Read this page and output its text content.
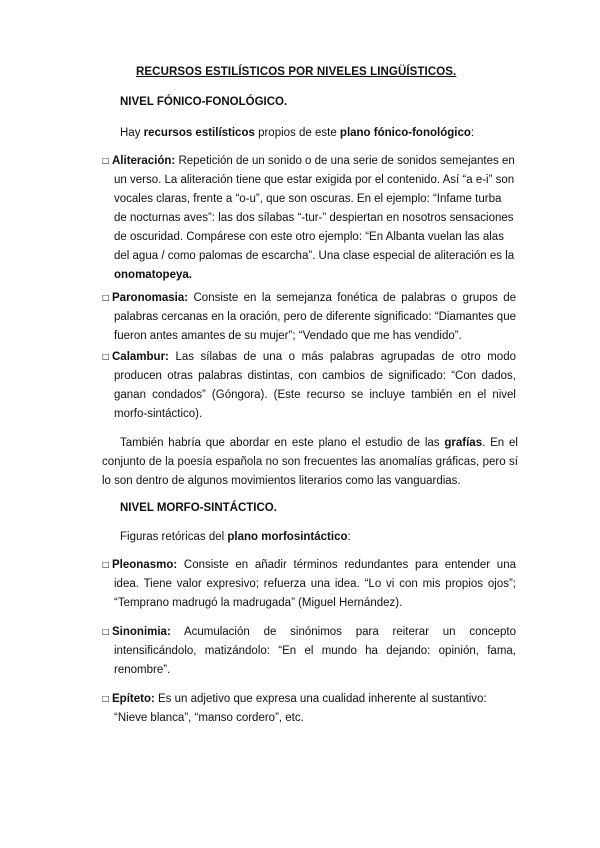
RECURSOS ESTILÍSTICOS POR NIVELES LINGÜÍSTICOS.
NIVEL FÓNICO-FONOLÓGICO.
Hay recursos estilísticos propios de este plano fónico-fonológico:
□ Aliteración: Repetición de un sonido o de una serie de sonidos semejantes en un verso. La aliteración tiene que estar exigida por el contenido. Así “a e-i” son vocales claras, frente a “o-u”, que son oscuras. En el ejemplo: “Infame turba de nocturnas aves”: las dos sílabas “-tur-” despiertan en nosotros sensaciones de oscuridad. Compárese con este otro ejemplo: “En Albanta vuelan las alas del agua / como palomas de escarcha”. Una clase especial de aliteración es la onomatopeya.
□ Paronomasia: Consiste en la semejanza fonética de palabras o grupos de palabras cercanas en la oración, pero de diferente significado: “Diamantes que fueron antes amantes de su mujer”; “Vendado que me has vendido”.
□ Calambur: Las sílabas de una o más palabras agrupadas de otro modo producen otras palabras distintas, con cambios de significado: “Con dados, ganan condados” (Góngora). (Este recurso se incluye también en el nivel morfo-sintáctico).
También habría que abordar en este plano el estudio de las grafías. En el conjunto de la poesía española no son frecuentes las anomalías gráficas, pero sí lo son dentro de algunos movimientos literarios como las vanguardias.
NIVEL MORFO-SINTÁCTICO.
Figuras retóricas del plano morfosintáctico:
□ Pleonasmo: Consiste en añadir términos redundantes para entender una idea. Tiene valor expresivo; refuerza una idea. “Lo vi con mis propios ojos”; “Temprano madrugó la madrugada” (Miguel Hernández).
□ Sinonimia: Acumulación de sinónimos para reiterar un concepto intensificándolo, matizándolo: “En el mundo ha dejando: opinión, fama, renombre”.
□ Epíteto: Es un adjetivo que expresa una cualidad inherente al sustantivo: “Nieve blanca”, “manso cordero”, etc.
